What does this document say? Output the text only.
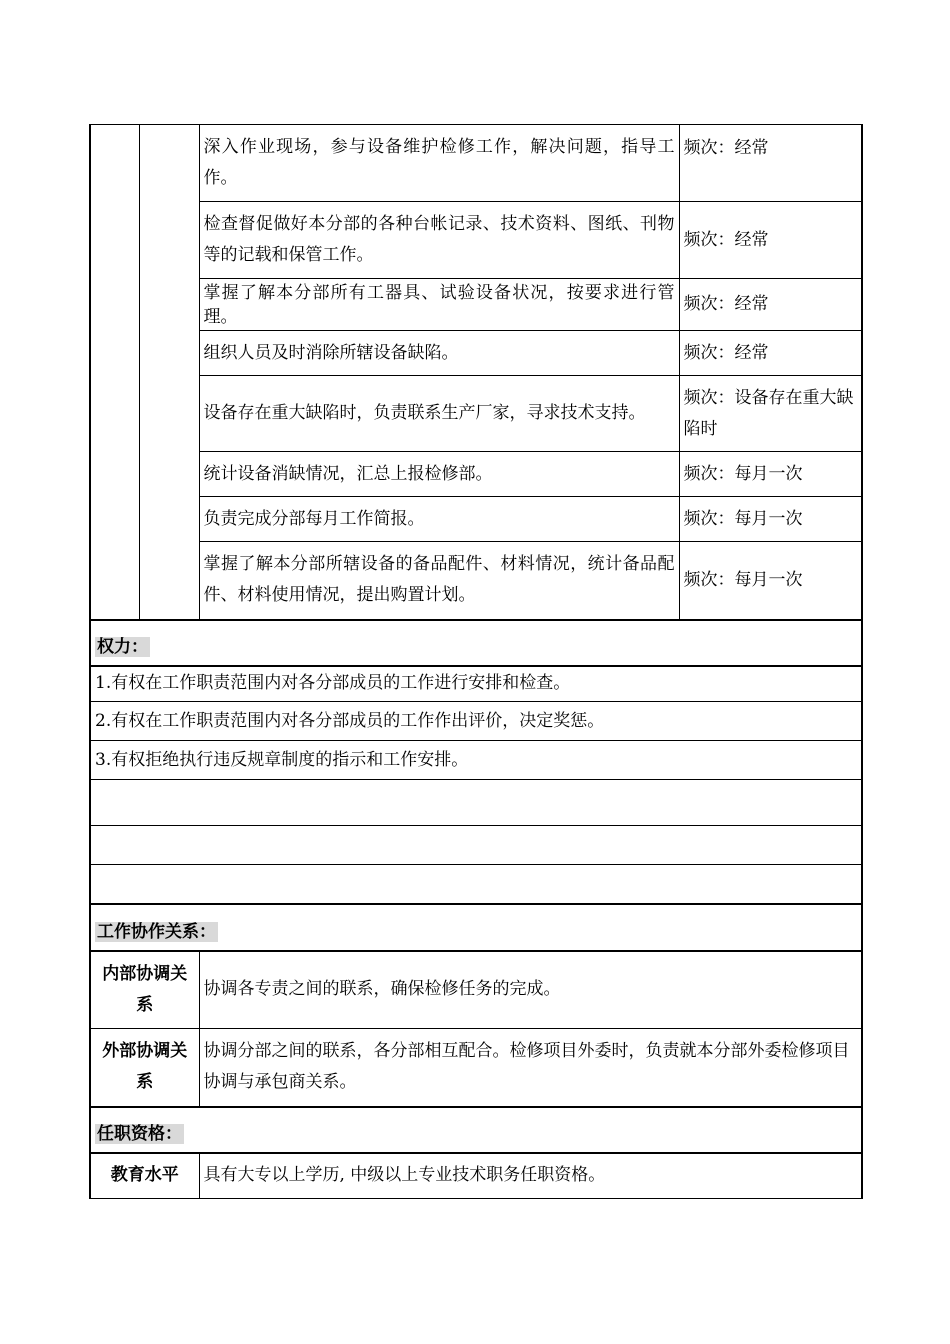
		深入作业现场，参与设备维护检修工作，解决问题，指导工作。	频次：经常
		检查督促做好本分部的各种台帐记录、技术资料、图纸、刊物等的记载和保管工作。	频次：经常
		掌握了解本分部所有工器具、试验设备状况，按要求进行管理。	频次：经常
		组织人员及时消除所辖设备缺陷。	频次：经常
		设备存在重大缺陷时，负责联系生产厂家，寻求技术支持。	频次：设备存在重大缺陷时
		统计设备消缺情况，汇总上报检修部。	频次：每月一次
		负责完成分部每月工作简报。	频次：每月一次
		掌握了解本分部所辖设备的备品配件、材料情况，统计备品配件、材料使用情况，提出购置计划。	频次：每月一次
权力：			
1.有权在工作职责范围内对各分部成员的工作进行安排和检查。			
2.有权在工作职责范围内对各分部成员的工作作出评价，决定奖惩。			
3.有权拒绝执行违反规章制度的指示和工作安排。			

工作协作关系：			
内部协调关系		协调各专责之间的联系，确保检修任务的完成。	
外部协调关系		协调分部之间的联系，各分部相互配合。检修项目外委时，负责就本分部外委检修项目协调与承包商关系。	
任职资格：			
教育水平		具有大专以上学历, 中级以上专业技术职务任职资格。	
